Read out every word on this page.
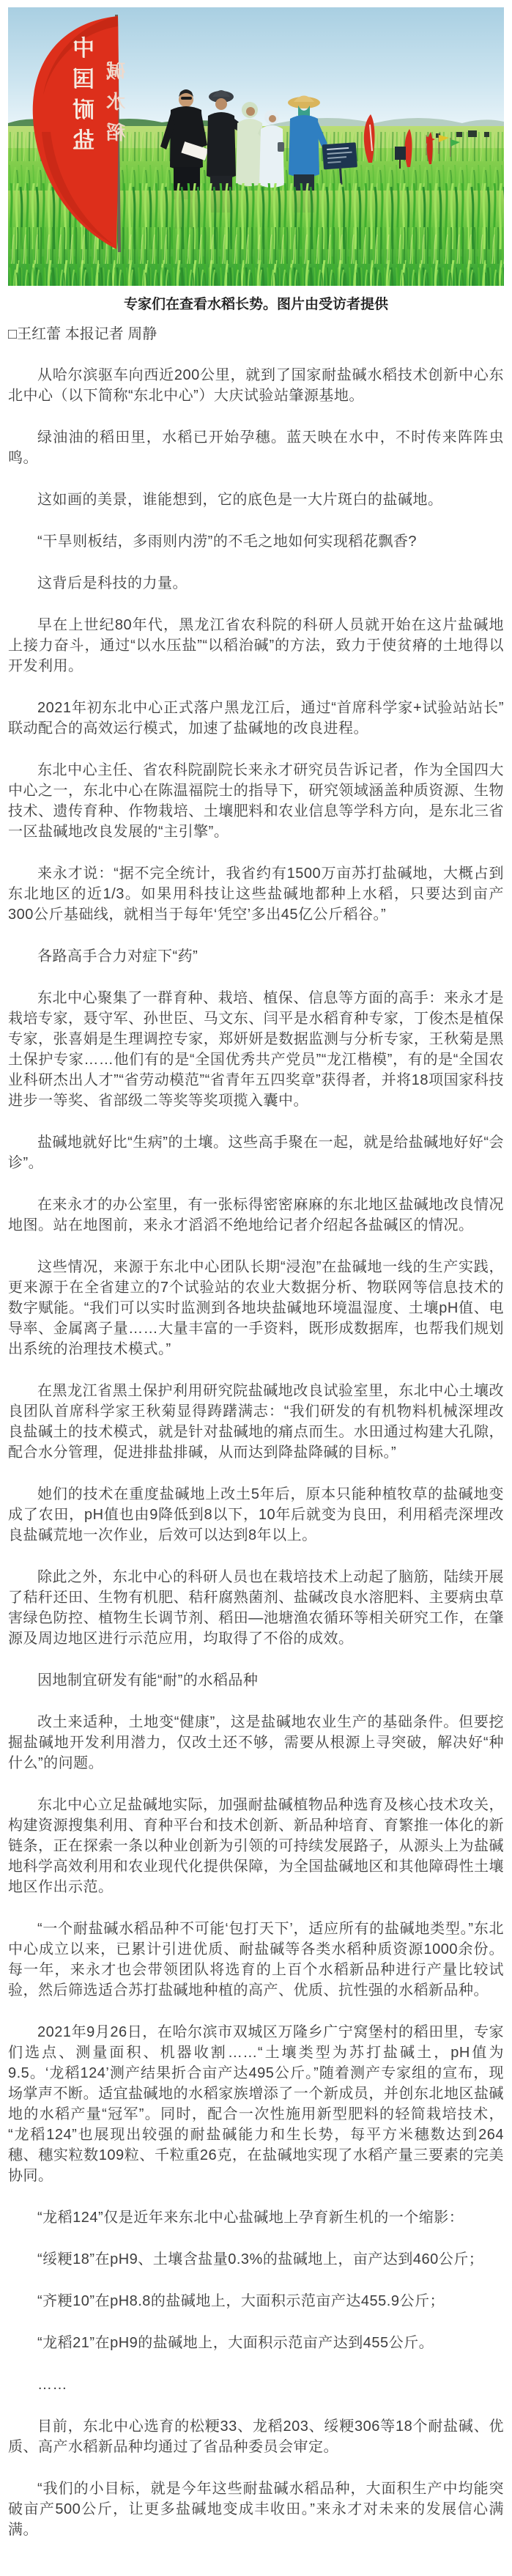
中
国
耐
盐
碱
水
稻
专家们在查看水稻长势。图片由受访者提供
□王红蕾 本报记者 周静

从哈尔滨驱车向西近200公里，就到了国家耐盐碱水稻技术创新中心东北中心（以下简称“东北中心”）大庆试验站肇源基地。

绿油油的稻田里，水稻已开始孕穗。蓝天映在水中，不时传来阵阵虫鸣。

这如画的美景，谁能想到，它的底色是一大片斑白的盐碱地。

“干旱则板结，多雨则内涝”的不毛之地如何实现稻花飘香?

这背后是科技的力量。

早在上世纪80年代，黑龙江省农科院的科研人员就开始在这片盐碱地上接力奋斗，通过“以水压盐”“以稻治碱”的方法，致力于使贫瘠的土地得以开发利用。

2021年初东北中心正式落户黑龙江后，通过“首席科学家+试验站站长”联动配合的高效运行模式，加速了盐碱地的改良进程。

东北中心主任、省农科院副院长来永才研究员告诉记者，作为全国四大中心之一，东北中心在陈温福院士的指导下，研究领域涵盖种质资源、生物技术、遗传育种、作物栽培、土壤肥料和农业信息等学科方向，是东北三省一区盐碱地改良发展的“主引擎”。

来永才说：“据不完全统计，我省约有1500万亩苏打盐碱地，大概占到东北地区的近1/3。如果用科技让这些盐碱地都种上水稻，只要达到亩产300公斤基础线，就相当于每年‘凭空’多出45亿公斤稻谷。”

各路高手合力对症下“药”

东北中心聚集了一群育种、栽培、植保、信息等方面的高手：来永才是栽培专家，聂守军、孙世臣、马文东、闫平是水稻育种专家，丁俊杰是植保专家，张喜娟是生理调控专家，郑妍妍是数据监测与分析专家，王秋菊是黑土保护专家……他们有的是“全国优秀共产党员”“龙江楷模”，有的是“全国农业科研杰出人才”“省劳动模范”“省青年五四奖章”获得者，并将18项国家科技进步一等奖、省部级二等奖等奖项揽入囊中。

盐碱地就好比“生病”的土壤。这些高手聚在一起，就是给盐碱地好好“会诊”。

在来永才的办公室里，有一张标得密密麻麻的东北地区盐碱地改良情况地图。站在地图前，来永才滔滔不绝地给记者介绍起各盐碱区的情况。

这些情况，来源于东北中心团队长期“浸泡”在盐碱地一线的生产实践，更来源于在全省建立的7个试验站的农业大数据分析、物联网等信息技术的数字赋能。“我们可以实时监测到各地块盐碱地环境温湿度、土壤pH值、电导率、金属离子量……大量丰富的一手资料，既形成数据库，也帮我们规划出系统的治理技术模式。”

在黑龙江省黑土保护利用研究院盐碱地改良试验室里，东北中心土壤改良团队首席科学家王秋菊显得踌躇满志：“我们研发的有机物料机械深埋改良盐碱土的技术模式，就是针对盐碱地的痛点而生。水田通过构建大孔隙，配合水分管理，促进排盐排碱，从而达到降盐降碱的目标。”

她们的技术在重度盐碱地上改土5年后，原本只能种植牧草的盐碱地变成了农田，pH值也由9降低到8以下，10年后就变为良田，利用稻壳深埋改良盐碱荒地一次作业，后效可以达到8年以上。

除此之外，东北中心的科研人员也在栽培技术上动起了脑筋，陆续开展了秸秆还田、生物有机肥、秸秆腐熟菌剂、盐碱改良水溶肥料、主要病虫草害绿色防控、植物生长调节剂、稻田—池塘渔农循环等相关研究工作，在肇源及周边地区进行示范应用，均取得了不俗的成效。

因地制宜研发有能“耐”的水稻品种

改土来适种，土地变“健康”，这是盐碱地农业生产的基础条件。但要挖掘盐碱地开发利用潜力，仅改土还不够，需要从根源上寻突破，解决好“种什么”的问题。

东北中心立足盐碱地实际，加强耐盐碱植物品种选育及核心技术攻关，构建资源搜集利用、育种平台和技术创新、新品种培育、育繁推一体化的新链条，正在探索一条以种业创新为引领的可持续发展路子，从源头上为盐碱地科学高效利用和农业现代化提供保障，为全国盐碱地区和其他障碍性土壤地区作出示范。

“一个耐盐碱水稻品种不可能‘包打天下’，适应所有的盐碱地类型。”东北中心成立以来，已累计引进优质、耐盐碱等各类水稻种质资源1000余份。每一年，来永才也会带领团队将选育的上百个水稻新品种进行产量比较试验，然后筛选适合苏打盐碱地种植的高产、优质、抗性强的水稻新品种。

2021年9月26日，在哈尔滨市双城区万隆乡广宁窝堡村的稻田里，专家们选点、测量面积、机器收割……“土壤类型为苏打盐碱土，pH值为9.5。‘龙稻124’测产结果折合亩产达495公斤。”随着测产专家组的宣布，现场掌声不断。适宜盐碱地的水稻家族增添了一个新成员，并创东北地区盐碱地的水稻产量“冠军”。同时，配合一次性施用新型肥料的轻简栽培技术，“龙稻124”也展现出较强的耐盐碱能力和生长势，每平方米穗数达到264穗、穗实粒数109粒、千粒重26克，在盐碱地实现了水稻产量三要素的完美协同。

“龙稻124”仅是近年来东北中心盐碱地上孕育新生机的一个缩影：

“绥粳18”在pH9、土壤含盐量0.3%的盐碱地上，亩产达到460公斤；

“齐粳10”在pH8.8的盐碱地上，大面积示范亩产达455.9公斤；

“龙稻21”在pH9的盐碱地上，大面积示范亩产达到455公斤。

……

目前，东北中心选育的松粳33、龙稻203、绥粳306等18个耐盐碱、优质、高产水稻新品种均通过了省品种委员会审定。

“我们的小目标，就是今年这些耐盐碱水稻品种，大面积生产中均能突破亩产500公斤，让更多盐碱地变成丰收田。”来永才对未来的发展信心满满。
